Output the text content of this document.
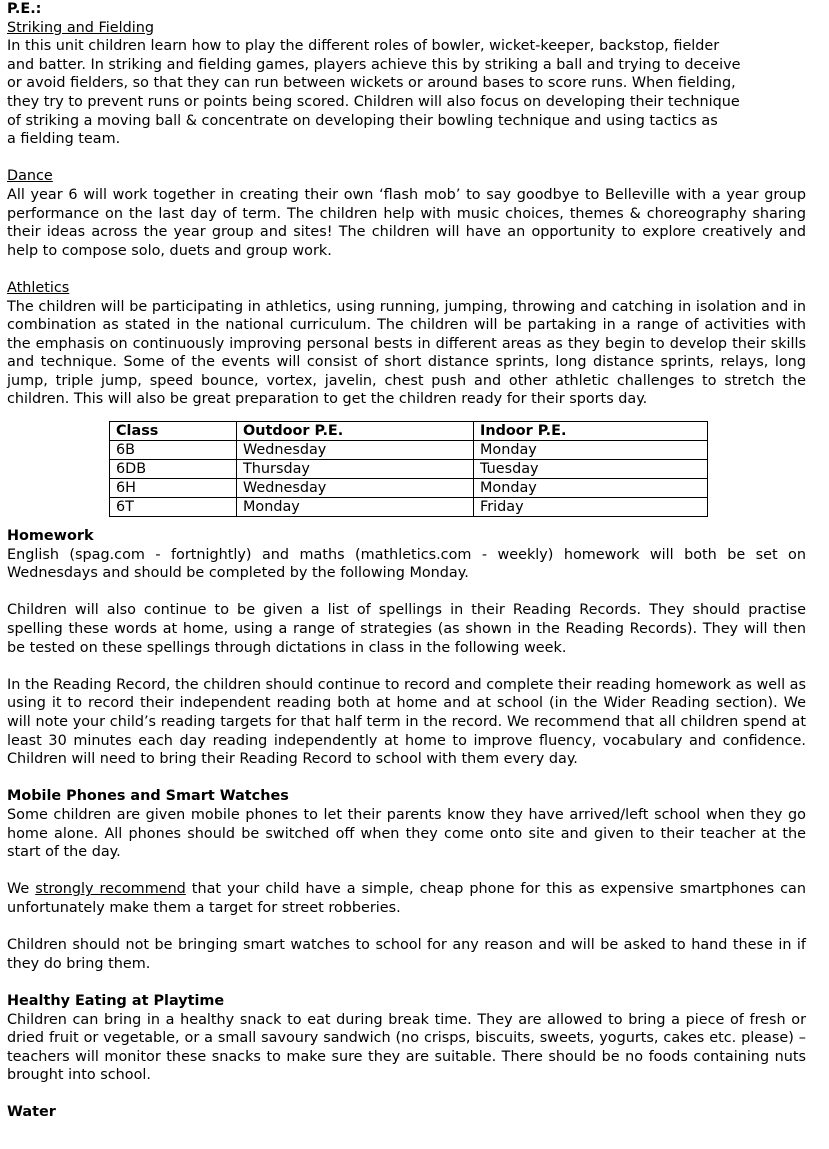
P.E.:

Striking and Fielding

In this unit children learn how to play the different roles of bowler, wicket-keeper, backstop, fielder

and batter. In striking and fielding games, players achieve this by striking a ball and trying to deceive

or avoid fielders, so that they can run between wickets or around bases to score runs. When fielding,

they try to prevent runs or points being scored. Children will also focus on developing their technique

of striking a moving ball & concentrate on developing their bowling technique and using tactics as

a fielding team.

Dance

All year 6 will work together in creating their own ‘flash mob’ to say goodbye to Belleville with a year group performance on the last day of term. The children help with music choices, themes & choreography sharing their ideas across the year group and sites! The children will have an opportunity to explore creatively and help to compose solo, duets and group work.

Athletics

The children will be participating in athletics, using running, jumping, throwing and catching in isolation and in combination as stated in the national curriculum. The children will be partaking in a range of activities with the emphasis on continuously improving personal bests in different areas as they begin to develop their skills and technique. Some of the events will consist of short distance sprints, long distance sprints, relays, long jump, triple jump, speed bounce, vortex, javelin, chest push and other athletic challenges to stretch the children. This will also be great preparation to get the children ready for their sports day.

Class	Outdoor P.E.	Indoor P.E.
6B	Wednesday	Monday
6DB	Thursday	Tuesday
6H	Wednesday	Monday
6T	Monday	Friday

Homework

English (spag.com - fortnightly) and maths (mathletics.com - weekly) homework will both be set on Wednesdays and should be completed by the following Monday.

Children will also continue to be given a list of spellings in their Reading Records. They should practise spelling these words at home, using a range of strategies (as shown in the Reading Records). They will then be tested on these spellings through dictations in class in the following week.

In the Reading Record, the children should continue to record and complete their reading homework as well as using it to record their independent reading both at home and at school (in the Wider Reading section). We will note your child’s reading targets for that half term in the record. We recommend that all children spend at least 30 minutes each day reading independently at home to improve fluency, vocabulary and confidence. Children will need to bring their Reading Record to school with them every day.

Mobile Phones and Smart Watches

Some children are given mobile phones to let their parents know they have arrived/left school when they go home alone. All phones should be switched off when they come onto site and given to their teacher at the start of the day.

We strongly recommend that your child have a simple, cheap phone for this as expensive smartphones can unfortunately make them a target for street robberies.

Children should not be bringing smart watches to school for any reason and will be asked to hand these in if they do bring them.

Healthy Eating at Playtime

Children can bring in a healthy snack to eat during break time. They are allowed to bring a piece of fresh or dried fruit or vegetable, or a small savoury sandwich (no crisps, biscuits, sweets, yogurts, cakes etc. please) – teachers will monitor these snacks to make sure they are suitable. There should be no foods containing nuts brought into school.

Water
